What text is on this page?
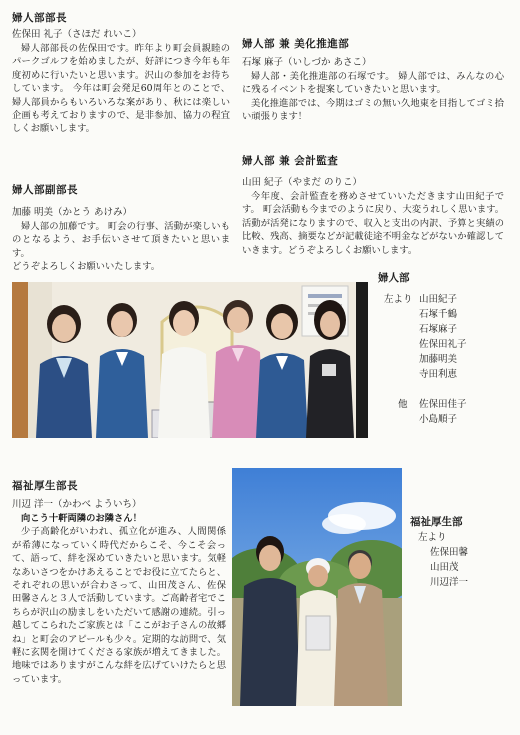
婦人部部長
佐保田 礼子（さほだ れいこ）

婦人部部長の佐保田です。昨年より町会員親睦のパークゴルフを始めましたが、好評につき今年も年度初めに行いたいと思います。沢山の参加をお待ちしています。 今年は町会発足60周年とのことで、婦人部員からもいろいろな案があり、秋には楽しい企画も考えておりますので、是非参加、協力の程宜しくお願いします。

婦人部副部長
加藤 明美（かとう あけみ）

婦人部の加藤です。 町会の行事、活動が楽しいものとなるよう、お手伝いさせて頂きたいと思います。

どうぞよろしくお願いいたします。

婦人部 兼 美化推進部
石塚 麻子（いしづか あさこ）

婦人部・美化推進部の石塚です。 婦人部では、みんなの心に残るイベントを提案していきたいと思います。

美化推進部では、今期はゴミの無い久地東を目指してゴミ拾い頑張ります！

婦人部 兼 会計監査
山田 紀子（やまだ のりこ）

今年度、会計監査を務めさせていいただきます山田紀子です。 町会活動も今までのように戻り、大変うれしく思います。活動が活発になりますので、収入と支出の内訳、予算と実績の比較、残高、摘要などが記載徒途不明金などがないか確認していきます。どうぞよろしくお願いします。

婦人部
左より 山田紀子
石塚千鶴
石塚麻子
佐保田礼子
加藤明美
寺田利恵
他 佐保田佳子
小島順子
福祉厚生部長
川辺 洋一（かわべ よういち）

向こう十軒両隣のお隣さん！

少子高齢化がいわれ、孤立化が進み、人間関係が希薄になっていく時代だからこそ、今こそ会って、語って、絆を深めていきたいと思います。気軽なあいさつをかけあえることでお役に立てたらと、それぞれの思いが合わさって、山田茂さん、佐保田馨さんと３人で活動しています。ご高齢者宅でこちらが沢山の励ましをいただいて感謝の連続。引っ越してこられたご家族とは「ここがお子さんの故郷ね」と町会のアピールも少々。定期的な訪問で、気軽に玄関を開けてくださる家族が増えてきました。地味ではありますがこんな絆を広げていけたらと思っています。

福祉厚生部
左より
佐保田馨
山田茂
川辺洋一
